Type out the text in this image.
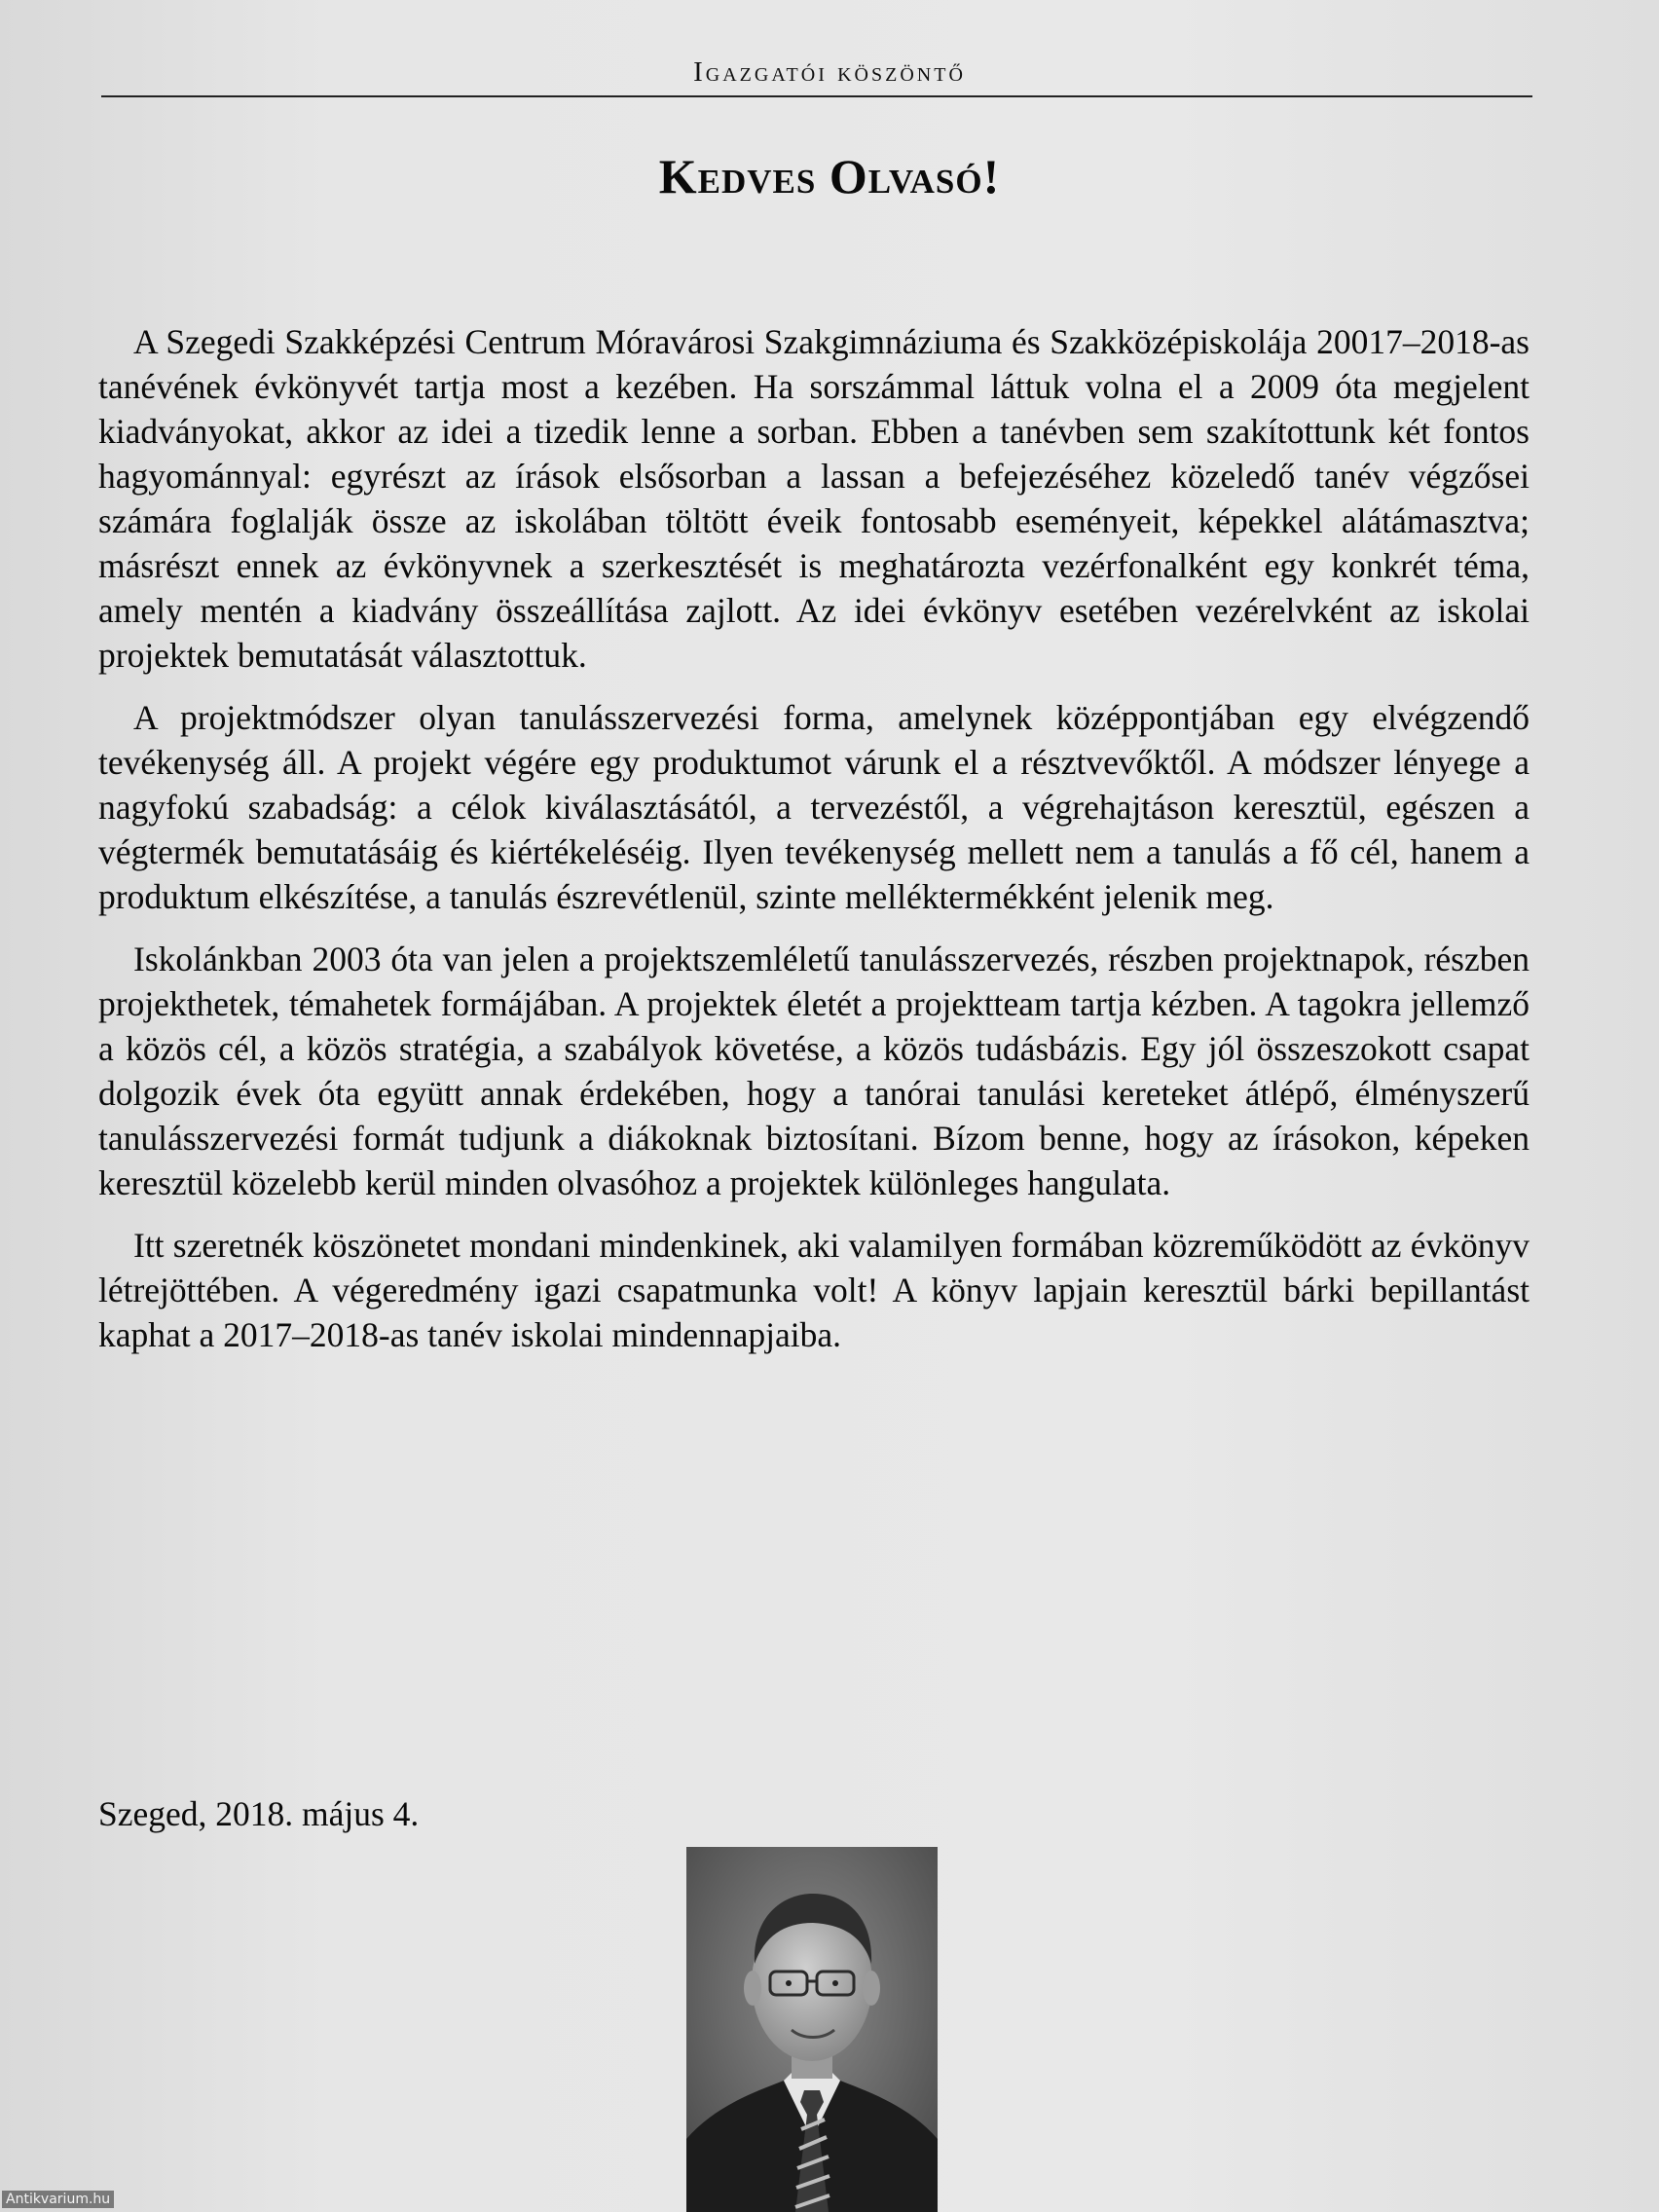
Igazgatói köszöntő
Kedves Olvasó!

A Szegedi Szakképzési Centrum Móravárosi Szakgimnáziuma és Szakközépiskolája 20017–2018-as tanévének évkönyvét tartja most a kezében. Ha sorszámmal láttuk volna el a 2009 óta megjelent kiadványokat, akkor az idei a tizedik lenne a sorban. Ebben a tanévben sem szakítottunk két fontos hagyománnyal: egyrészt az írások elsősorban a lassan a befejezéséhez közeledő tanév végzősei számára foglalják össze az iskolában töltött éveik fontosabb eseményeit, képekkel alátámasztva; másrészt ennek az évkönyvnek a szerkesztését is meghatározta vezérfonalként egy konkrét téma, amely mentén a kiadvány összeállítása zajlott. Az idei évkönyv esetében vezérelvként az iskolai projektek bemutatását választottuk.

A projektmódszer olyan tanulásszervezési forma, amelynek középpontjában egy elvégzendő tevékenység áll. A projekt végére egy produktumot várunk el a résztvevőktől. A módszer lényege a nagyfokú szabadság: a célok kiválasztásától, a tervezéstől, a végrehajtáson keresztül, egészen a végtermék bemutatásáig és kiértékeléséig. Ilyen tevékenység mellett nem a tanulás a fő cél, hanem a produktum elkészítése, a tanulás észrevétlenül, szinte melléktermékként jelenik meg.

Iskolánkban 2003 óta van jelen a projektszemléletű tanulásszervezés, részben projektnapok, részben projekthetek, témahetek formájában. A projektek életét a projektteam tartja kézben. A tagokra jellemző a közös cél, a közös stratégia, a szabályok követése, a közös tudásbázis. Egy jól összeszokott csapat dolgozik évek óta együtt annak érdekében, hogy a tanórai tanulási kereteket átlépő, élményszerű tanulásszervezési formát tudjunk a diákoknak biztosítani. Bízom benne, hogy az írásokon, képeken keresztül közelebb kerül minden olvasóhoz a projektek különleges hangulata.

Itt szeretnék köszönetet mondani mindenkinek, aki valamilyen formában közreműködött az évkönyv létrejöttében. A végeredmény igazi csapatmunka volt! A könyv lapjain keresztül bárki bepillantást kaphat a 2017–2018-as tanév iskolai mindennapjaiba.

Szeged, 2018. május 4.
Antikvarium.hu
